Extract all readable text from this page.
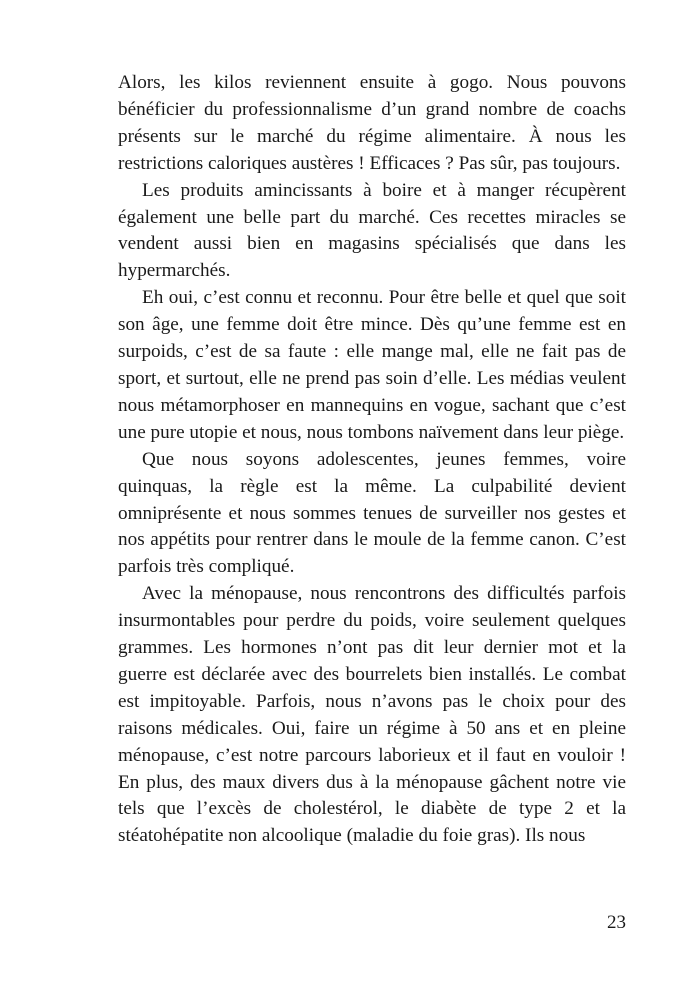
Alors, les kilos reviennent ensuite à gogo. Nous pouvons bénéficier du professionnalisme d’un grand nombre de coachs présents sur le marché du régime alimentaire. À nous les restrictions caloriques austères ! Efficaces ? Pas sûr, pas toujours.

Les produits amincissants à boire et à manger récupèrent également une belle part du marché. Ces recettes miracles se vendent aussi bien en magasins spécialisés que dans les hypermarchés.

Eh oui, c’est connu et reconnu. Pour être belle et quel que soit son âge, une femme doit être mince. Dès qu’une femme est en surpoids, c’est de sa faute : elle mange mal, elle ne fait pas de sport, et surtout, elle ne prend pas soin d’elle. Les médias veulent nous métamorphoser en mannequins en vogue, sachant que c’est une pure utopie et nous, nous tombons naïvement dans leur piège.

Que nous soyons adolescentes, jeunes femmes, voire quinquas, la règle est la même. La culpabilité devient omniprésente et nous sommes tenues de surveiller nos gestes et nos appétits pour rentrer dans le moule de la femme canon. C’est parfois très compliqué.

Avec la ménopause, nous rencontrons des difficultés parfois insurmontables pour perdre du poids, voire seulement quelques grammes. Les hormones n’ont pas dit leur dernier mot et la guerre est déclarée avec des bourrelets bien installés. Le combat est impitoyable. Parfois, nous n’avons pas le choix pour des raisons médicales. Oui, faire un régime à 50 ans et en pleine ménopause, c’est notre parcours laborieux et il faut en vouloir ! En plus, des maux divers dus à la ménopause gâchent notre vie tels que l’excès de cholestérol, le diabète de type 2 et la stéatohépatite non alcoolique (maladie du foie gras). Ils nous

23
